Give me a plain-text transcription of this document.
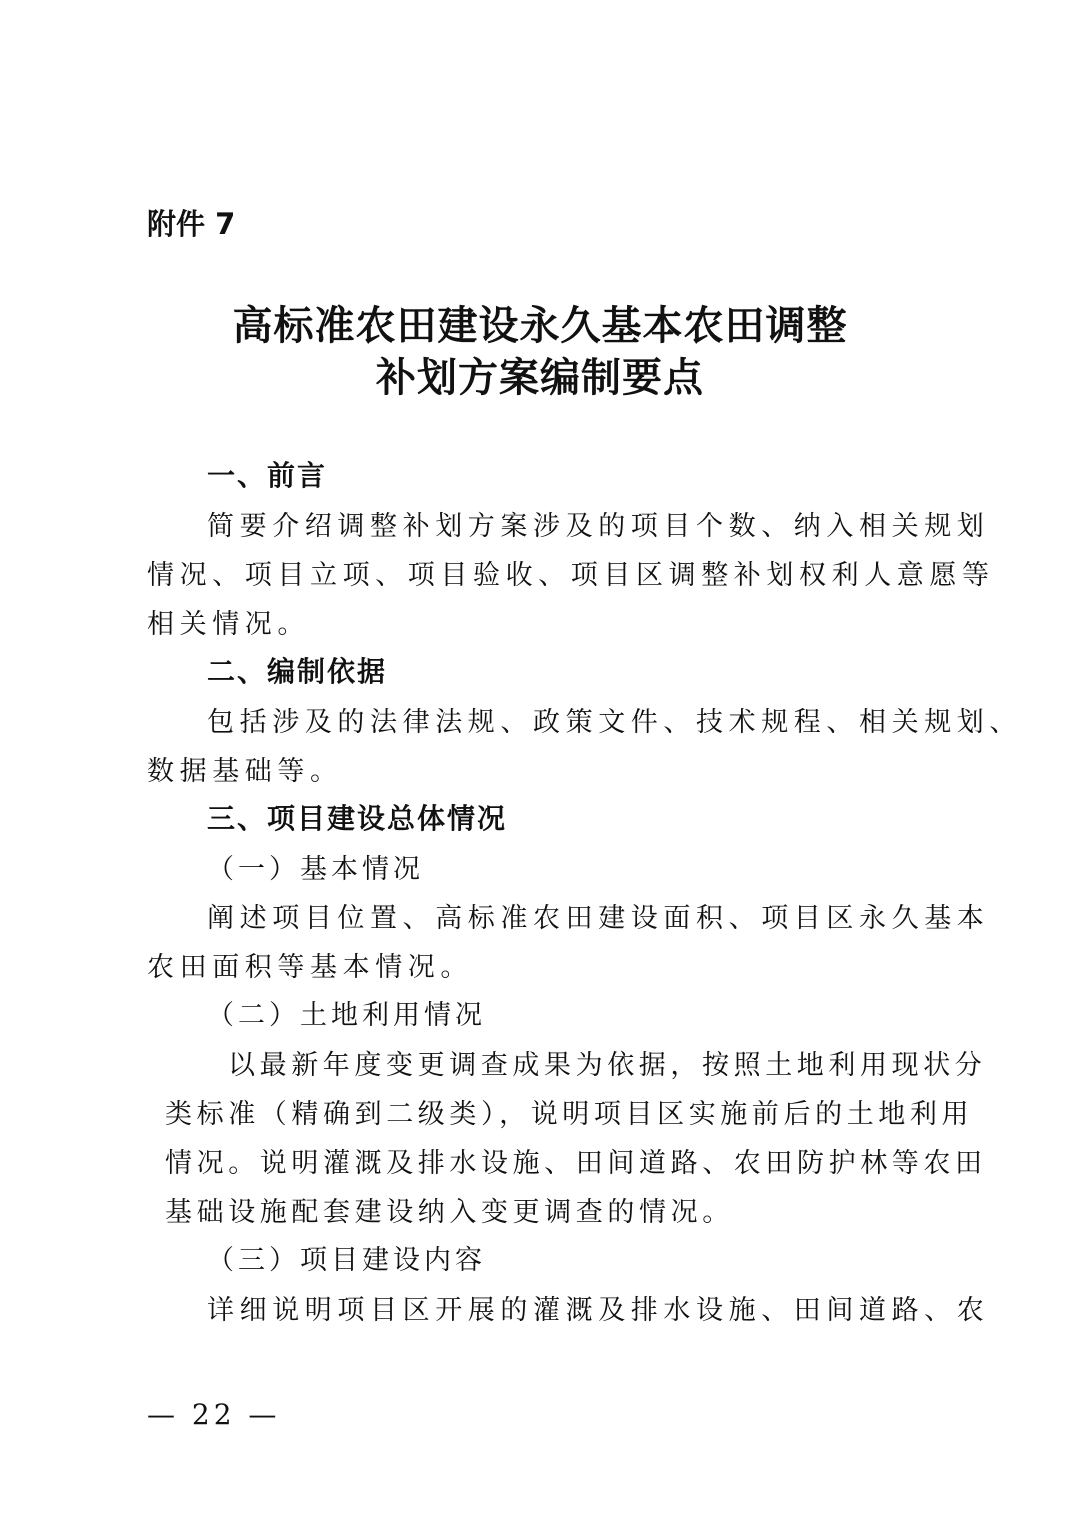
附件 7
高标准农田建设永久基本农田调整
补划方案编制要点
一、前言
简要介绍调整补划方案涉及的项目个数、纳入相关规划
情况、项目立项、项目验收、项目区调整补划权利人意愿等
相关情况。
二、编制依据
包括涉及的法律法规、政策文件、技术规程、相关规划、
数据基础等。
三、项目建设总体情况
（一）基本情况
阐述项目位置、高标准农田建设面积、项目区永久基本
农田面积等基本情况。
（二）土地利用情况
以最新年度变更调查成果为依据，按照土地利用现状分
类标准（精确到二级类），说明项目区实施前后的土地利用
情况。说明灌溉及排水设施、田间道路、农田防护林等农田
基础设施配套建设纳入变更调查的情况。
（三）项目建设内容
详细说明项目区开展的灌溉及排水设施、田间道路、农
— 22 —
